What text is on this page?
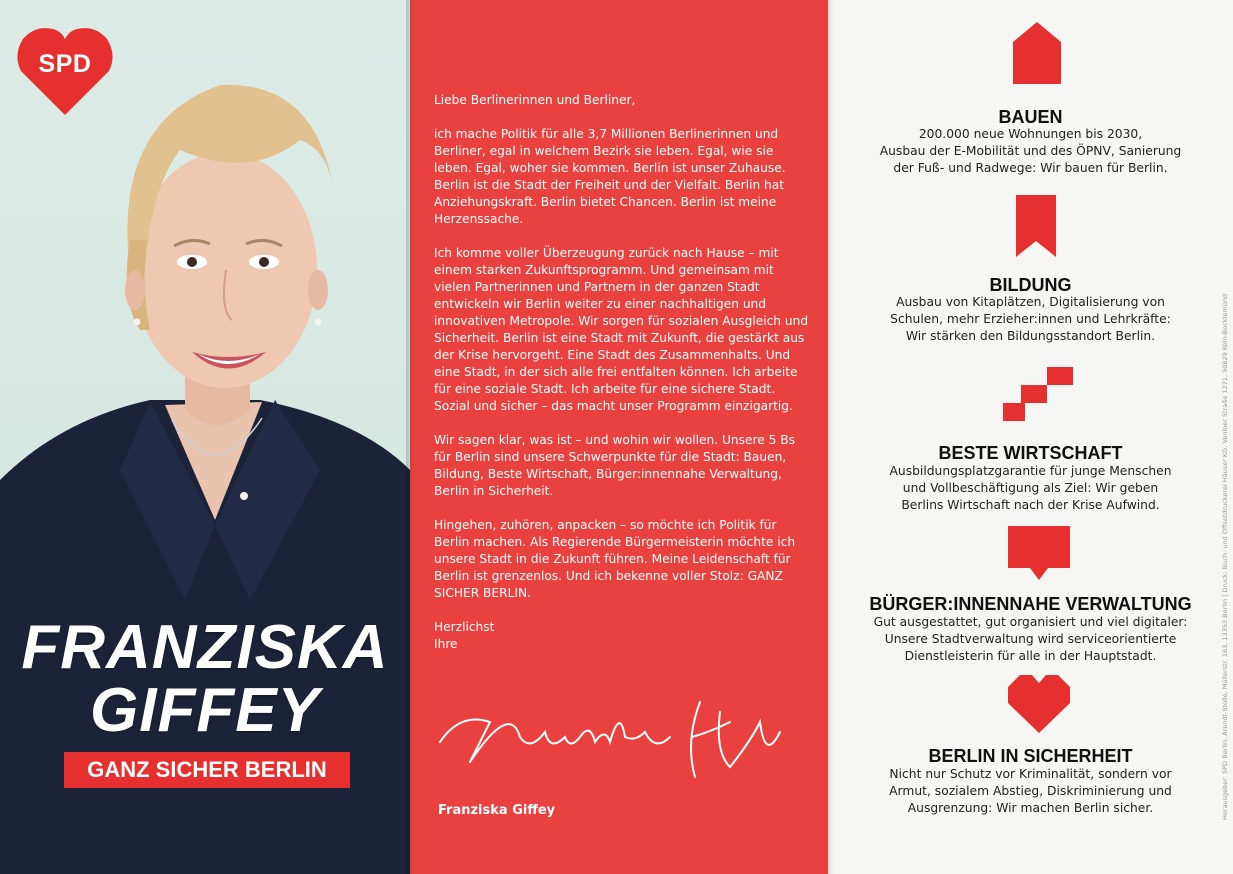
SPD
FRANZISKA
GIFFEY
GANZ SICHER BERLIN

Liebe Berlinerinnen und Berliner,

ich mache Politik für alle 3,7 Millionen Berlinerinnen und Berliner, egal in welchem Bezirk sie leben. Egal, wie sie leben. Egal, woher sie kommen. Berlin ist unser Zuhause. Berlin ist die Stadt der Freiheit und der Vielfalt. Berlin hat Anziehungskraft. Berlin bietet Chancen. Berlin ist meine Herzenssache.

Ich komme voller Überzeugung zurück nach Hause – mit einem starken Zukunftsprogramm. Und gemeinsam mit vielen Partnerinnen und Partnern in der ganzen Stadt entwickeln wir Berlin weiter zu einer nachhaltigen und innovativen Metropole. Wir sorgen für sozialen Ausgleich und Sicherheit. Berlin ist eine Stadt mit Zukunft, die gestärkt aus der Krise hervorgeht. Eine Stadt des Zusammenhalts. Und eine Stadt, in der sich alle frei entfalten können. Ich arbeite für eine soziale Stadt. Ich arbeite für eine sichere Stadt. Sozial und sicher – das macht unser Programm einzigartig.

Wir sagen klar, was ist – und wohin wir wollen. Unsere 5 Bs für Berlin sind unsere Schwerpunkte für die Stadt: Bauen, Bildung, Beste Wirtschaft, Bürger:innennahe Verwaltung, Berlin in Sicherheit.

Hingehen, zuhören, anpacken – so möchte ich Politik für Berlin machen. Als Regierende Bürgermeisterin möchte ich unsere Stadt in die Zukunft führen. Meine Leidenschaft für Berlin ist grenzenlos. Und ich bekenne voller Stolz: GANZ SICHER BERLIN.

Herzlichst
Ihre
Franziska Giffey
BAUEN
200.000 neue Wohnungen bis 2030,
Ausbau der E-Mobilität und des ÖPNV, Sanierung
der Fuß- und Radwege: Wir bauen für Berlin.
BILDUNG
Ausbau von Kitaplätzen, Digitalisierung von
Schulen, mehr Erzieher:innen und Lehrkräfte:
Wir stärken den Bildungsstandort Berlin.
BESTE WIRTSCHAFT
Ausbildungsplatzgarantie für junge Menschen
und Vollbeschäftigung als Ziel: Wir geben
Berlins Wirtschaft nach der Krise Aufwind.
BÜRGER:INNENNAHE VERWALTUNG
Gut ausgestattet, gut organisiert und viel digitaler:
Unsere Stadtverwaltung wird serviceorientierte
Dienstleisterin für alle in der Hauptstadt.
BERLIN IN SICHERHEIT
Nicht nur Schutz vor Kriminalität, sondern vor
Armut, sozialem Abstieg, Diskriminierung und
Ausgrenzung: Wir machen Berlin sicher.	Herausgeber: SPD Berlin, Arendt-Stolle, Müllerstr. 163, 13353 Berlin | Druck: Buch- und Offsetdruckerei Häuser KG, Venloer Straße 1271, 50829 Köln-Bocklemünd
